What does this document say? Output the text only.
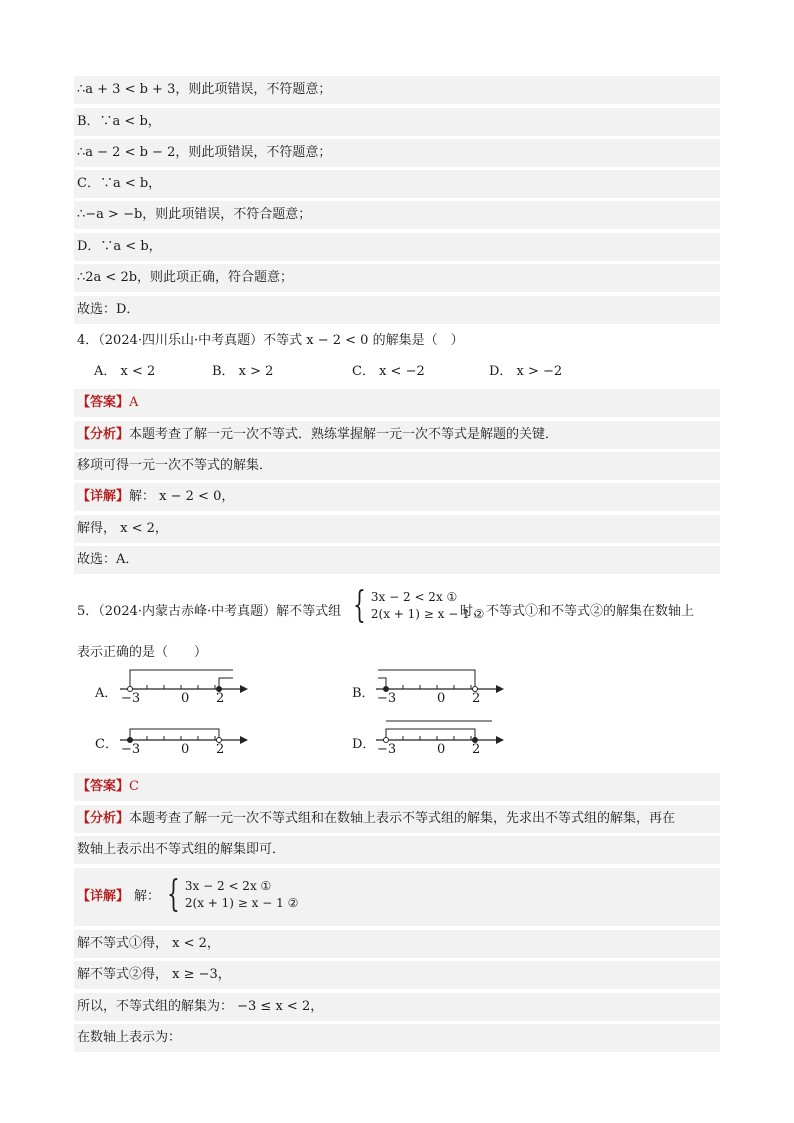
∴a + 3 < b + 3，则此项错误，不符题意；
B．∵a < b，
∴a − 2 < b − 2，则此项错误，不符题意；
C．∵a < b，
∴−a > −b，则此项错误，不符合题意；
D．∵a < b，
∴2a < 2b，则此项正确，符合题意；
故选：D．
4．（2024·四川乐山·中考真题）不等式 x − 2 < 0 的解集是（　）
A． x < 2	B． x > 2	C． x < −2	D． x > −2
【答案】A
【分析】本题考查了解一元一次不等式．熟练掌握解一元一次不等式是解题的关键．
移项可得一元一次不等式的解集．
【详解】解： x − 2 < 0，
解得， x < 2，
故选：A．
5．（2024·内蒙古赤峰·中考真题）解不等式组 { 3x − 2 < 2x ①
2(x + 1) ≥ x − 1 ②
时，不等式①和不等式②的解集在数轴上
表示正确的是（　　）
A． −3	0 2	B． −3	0 2
C． −3	0 2	D． −3	0 2
【答案】C
【分析】本题考查了解一元一次不等式组和在数轴上表示不等式组的解集，先求出不等式组的解集，再在
数轴上表示出不等式组的解集即可．
【详解】 解： { 3x − 2 < 2x ①
2(x + 1) ≥ x − 1 ②
解不等式①得， x < 2，
解不等式②得， x ≥ −3，
所以，不等式组的解集为： −3 ≤ x < 2，
在数轴上表示为：
